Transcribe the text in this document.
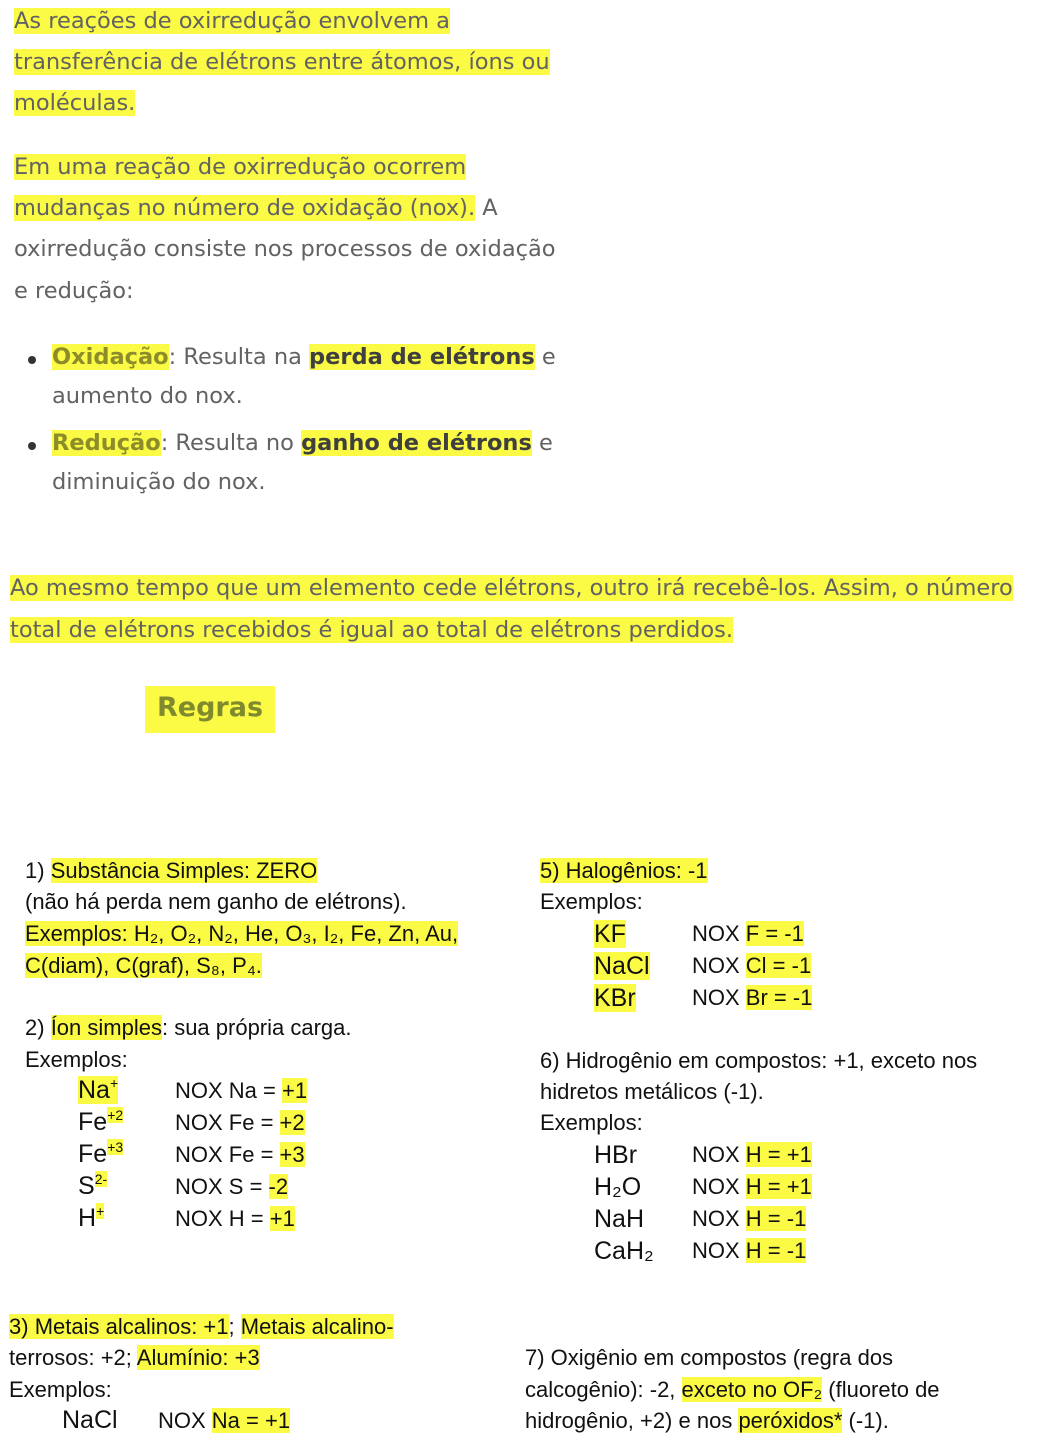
As reações de oxirredução envolvem a
transferência de elétrons entre átomos, íons ou
moléculas.
Em uma reação de oxirredução ocorrem
mudanças no número de oxidação (nox). A
oxirredução consiste nos processos de oxidação
e redução:
Oxidação: Resulta na perda de elétrons e
aumento do nox.
Redução: Resulta no ganho de elétrons e
diminuição do nox.
Ao mesmo tempo que um elemento cede elétrons, outro irá recebê-los. Assim, o número
total de elétrons recebidos é igual ao total de elétrons perdidos.
Regras
1) Substância Simples: ZERO
(não há perda nem ganho de elétrons).
Exemplos: H₂, O₂, N₂, He, O₃, I₂, Fe, Zn, Au,
C(diam), C(graf), S₈, P₄.
2) Íon simples: sua própria carga.
Exemplos:
Na+	NOX Na = +1
$Fe^{+2}$ NOX Fe = +2
$Fe^{+3}$ NOX Fe = +3
$S^{2-}$	NOX S = -2
H+	NOX H = +1
3) Metais alcalinos: +1; Metais alcalino-
terrosos: +2; Alumínio: +3
Exemplos:
NaCl NOX Na = +1
5) Halogênios: -1
Exemplos:
KF	NOX F = -1
NaCl NOX Cl = -1
KBr	NOX Br = -1
6) Hidrogênio em compostos: +1, exceto nos
hidretos metálicos (-1).
Exemplos:
HBr NOX H = +1
H₂O NOX H = +1
NaH NOX H = -1
CaH₂ NOX H = -1
7) Oxigênio em compostos (regra dos
calcogênio): -2, exceto no OF₂ (fluoreto de
hidrogênio, +2) e nos peróxidos* (-1).
